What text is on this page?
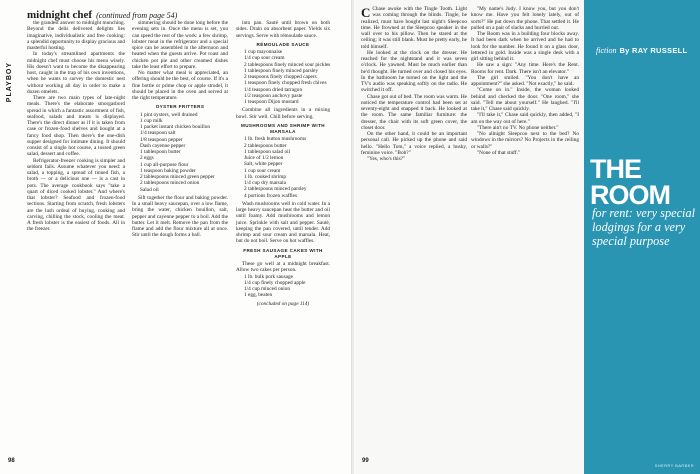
PLAYBOY
midnight chef (continued from page 54)

the grandest answer to midnight munching. Beyond the delis delivered delights lies imaginative, individualistic and free cooking: a splendid opportunity to display gracious and masterful hosting.

In today's streamlined apartments the midnight chef must choose his menu wisely. His doesn't want to become the disappearing host, caught in the trap of his own inventions, when he wants to survey the domestic nest without working all day in order to make a dozen omelets.

There are two main types of late-night meals. There's the elaborate smorgasbord spread in which a fantastic assortment of fish, seafood, salads and meats is displayed. There's the direct dinner as if it is taken from case or frozen-food shelves and bought at a fancy food shop. Then there's the one-dish supper designed for intimate dining. It should consist of a single hot course, a tossed green salad, dessert and coffee.

Refrigerator-freezer cooking is simpler and seldom fails. Assume whatever you need: a salad, a topping, a spread of tinned fish, a broth — or a delicious one — is a cast in pots. The average cookbook says "take a quart of diced cooked lobster." And where's that lobster? Seafood and frozen-food sections. Starting from scratch, fresh lobsters are the lush ordeal of buying, cooking and carving, chilling the stock, cooling the meat. A fresh lobster is the easiest of foods. All in the freezer.

simmering should be done long before the evening sets in. Once the menu is set, you can speed the rest of the work: a few shrimp, lobster meat in the refrigerator and a special spice can be assembled in the afternoon and heated when the guests arrive. Pot roast and chicken pot pie and other creamed dishes take the least effort to prepare.

No matter what meal is appreciated, an offering should be the best, of course. If it's a fine bottle or prime chop or apple strudel, it should be placed in the oven and served at the right temperature.

OYSTER FRITTERS
1 pint oysters, well drained
1 cup milk
1 packet instant chicken bouillon
1/4 teaspoon salt
1/8 teaspoon pepper
Dash cayenne pepper
1 tablespoon butter
2 eggs
1 cup all-purpose flour
1 teaspoon baking powder
2 tablespoons minced green pepper
2 tablespoons minced onion
Salad oil

Sift together the flour and baking powder. In a small heavy saucepan, over a low flame, bring the water, chicken bouillon, salt, pepper and cayenne pepper to a boil. Add the butter. Let it melt. Remove the pan from the flame and add the flour mixture all at once. Stir until the dough forms a ball.

into pan. Sauté until brown on both sides. Drain on absorbent paper. Yields six servings. Serve with rémoulade sauce.

RÉMOULADE SAUCE
1 cup mayonnaise
1/4 cup sour cream
2 tablespoons finely minced sour pickles
1 tablespoon finely minced parsley
2 teaspoons finely chopped capers
1 teaspoon finely chopped fresh chives
1/4 teaspoon dried tarragon
1/2 teaspoon anchovy paste
1 teaspoon Dijon mustard

Combine all ingredients in a mixing bowl. Stir well. Chill before serving.

MUSHROOMS AND SHRIMP WITH MARSALA
1 lb. fresh button mushrooms
2 tablespoons butter
1 tablespoon salad oil
Juice of 1/2 lemon
Salt, white pepper
1 cup sour cream
1 lb. cooked shrimp
1/4 cup dry marsala
2 tablespoons minced parsley
4 portions frozen waffles

Wash mushrooms well in cold water. In a large heavy saucepan heat the butter and oil until foamy. Add mushrooms and lemon juice. Sprinkle with salt and pepper. Sauté, keeping the pan covered, until tender. Add shrimp and sour cream and marsala. Heat, but do not boil. Serve on hot waffles.

FRESH SAUSAGE CAKES WITH APPLE

These go well at a midnight breakfast. Allow two cakes per person.

1 lb. bulk pork sausage
1/4 cup finely chopped apple
1/4 cup minced onion
1 egg, beaten
(concluded on page 114)
98

C Chase awoke with the Tingle Tooth. Light was coming through the blinds. Tingle, he realized, must have bought last night's Sleepcoo time. He frowned at the Sleepcoo speaker in the wall over to his pillow. Then he stared at the ceiling; it was still blank. Must be pretty early, he told himself.

He looked at the clock on the dresser. He reached for the nightstand and it was seven o'clock. He yawned. Must be much earlier than he'd thought. He turned over and closed his eyes. In the bathroom he turned on the light and the TV's audio was speaking softly on the radio. He switched it off.

Chase got out of bed. The room was warm. He noticed the temperature control had been set at seventy-eight and snapped it back. He looked at the room. The same familiar furniture: the dresser, the chair with its soft green cover, the closet door.

On the other hand, it could be an important personal call. He picked up the phone and said hello. "Hello Tom," a voice replied, a husky, feminine voice. "Bob?"

"Yes, who's this?"

"My name's Judy. I know you, but you don't know me. Have you felt lonely lately, out of sorts?" He put down the phone. That settled it. He pulled on a pair of slacks and hurried out.

The Room was in a building four blocks away. It had been dark when he arrived and he had to look for the number. He found it on a glass door, lettered in gold. Inside was a single desk with a girl sitting behind it.

He saw a sign: "Any time. Here's the Rent. Rooms for rent. Dark. There isn't an elevator."

The girl smiled. "You don't have an appointment?" she asked. "Not exactly," he said.

"Come on in." Inside, the woman looked behind and checked the door. "One room," she said. "Tell me about yourself." He laughed. "I'll take it," Chase said quickly.

"I'll take it," Chase said quickly, then added, "I am on the way out of here."

"There ain't no TV. No phone neither."

"No allnight Sleepcoo next to the bed? No windows in the mirrors? No Projects in the ceiling or walls?"

"None of that stuff."

fiction By RAY RUSSELL
THE
ROOM
for rent: very special lodgings for a very special purpose
SHERRY BARBER
99
